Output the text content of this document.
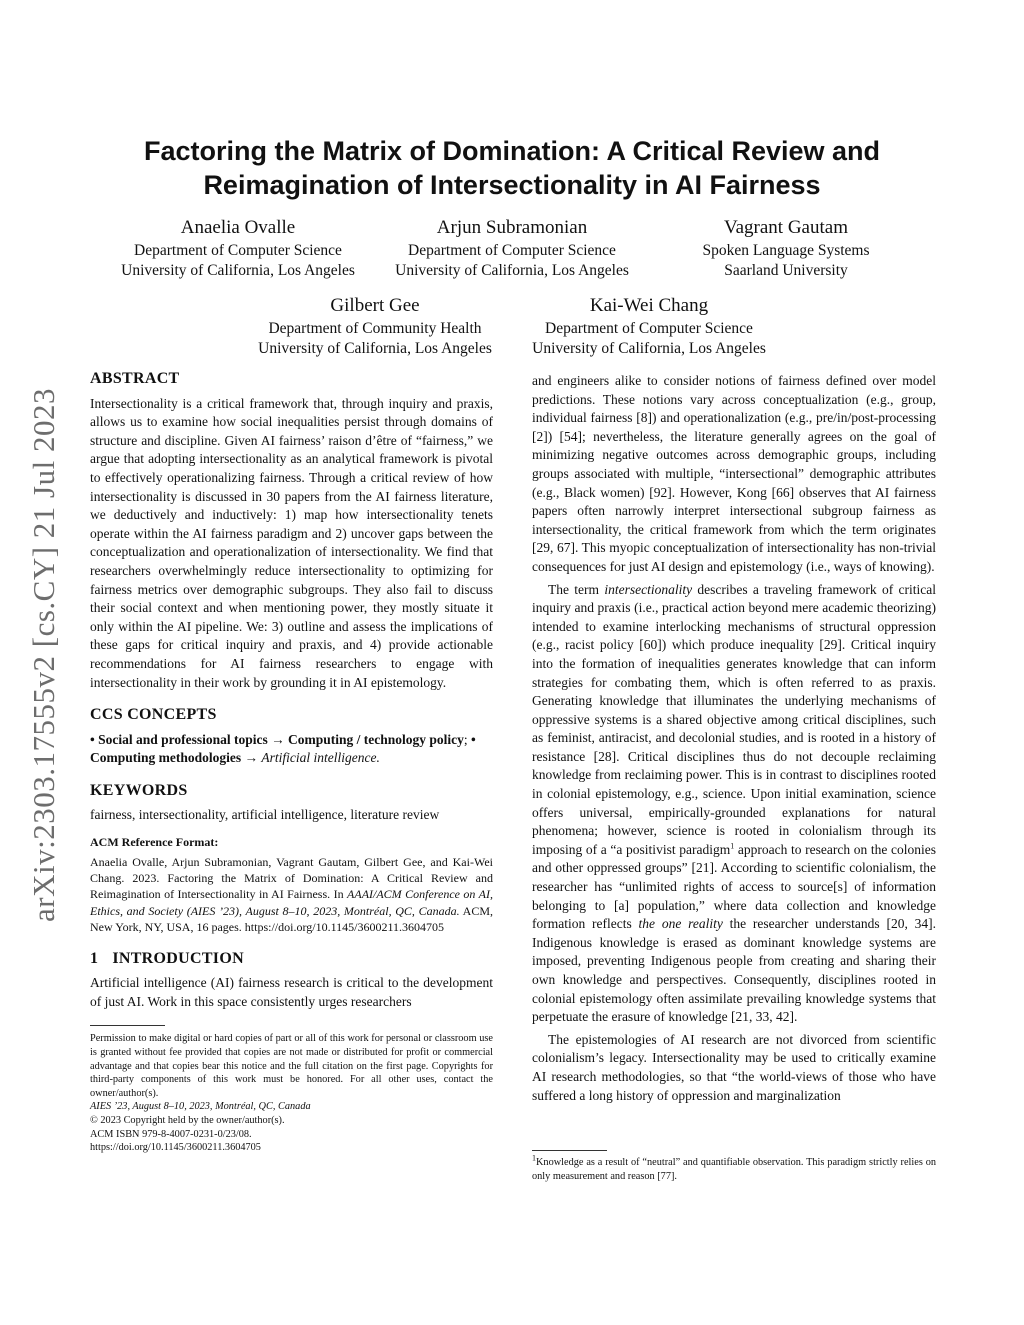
arXiv:2303.17555v2 [cs.CY] 21 Jul 2023
Factoring the Matrix of Domination: A Critical Review and
Reimagination of Intersectionality in AI Fairness
Anaelia Ovalle
Department of Computer Science
University of California, Los Angeles
Arjun Subramonian
Department of Computer Science
University of California, Los Angeles
Vagrant Gautam
Spoken Language Systems
Saarland University
Gilbert Gee
Department of Community Health
University of California, Los Angeles
Kai-Wei Chang
Department of Computer Science
University of California, Los Angeles
ABSTRACT

Intersectionality is a critical framework that, through inquiry and praxis, allows us to examine how social inequalities persist through domains of structure and discipline. Given AI fairness’ raison d’être of “fairness,” we argue that adopting intersectionality as an analytical framework is pivotal to effectively operationalizing fairness. Through a critical review of how intersectionality is discussed in 30 papers from the AI fairness literature, we deductively and inductively: 1) map how intersectionality tenets operate within the AI fairness paradigm and 2) uncover gaps between the conceptualization and operationalization of intersectionality. We find that researchers overwhelmingly reduce intersectionality to optimizing for fairness metrics over demographic subgroups. They also fail to discuss their social context and when mentioning power, they mostly situate it only within the AI pipeline. We: 3) outline and assess the implications of these gaps for critical inquiry and praxis, and 4) provide actionable recommendations for AI fairness researchers to engage with intersectionality in their work by grounding it in AI epistemology.

CCS CONCEPTS

• Social and professional topics → Computing / technology policy; • Computing methodologies → Artificial intelligence.

KEYWORDS

fairness, intersectionality, artificial intelligence, literature review

ACM Reference Format:
Anaelia Ovalle, Arjun Subramonian, Vagrant Gautam, Gilbert Gee, and Kai-Wei Chang. 2023. Factoring the Matrix of Domination: A Critical Review and Reimagination of Intersectionality in AI Fairness. In AAAI/ACM Conference on AI, Ethics, and Society (AIES ’23), August 8–10, 2023, Montréal, QC, Canada. ACM, New York, NY, USA, 16 pages. https://doi.org/10.1145/3600211.3604705
1 INTRODUCTION

Artificial intelligence (AI) fairness research is critical to the development of just AI. Work in this space consistently urges researchers

Permission to make digital or hard copies of part or all of this work for personal or classroom use is granted without fee provided that copies are not made or distributed for profit or commercial advantage and that copies bear this notice and the full citation on the first page. Copyrights for third-party components of this work must be honored. For all other uses, contact the owner/author(s).

AIES ’23, August 8–10, 2023, Montréal, QC, Canada
© 2023 Copyright held by the owner/author(s).
ACM ISBN 979-8-4007-0231-0/23/08.
https://doi.org/10.1145/3600211.3604705

and engineers alike to consider notions of fairness defined over model predictions. These notions vary across conceptualization (e.g., group, individual fairness [8]) and operationalization (e.g., pre/in/post-processing [2]) [54]; nevertheless, the literature generally agrees on the goal of minimizing negative outcomes across demographic groups, including groups associated with multiple, “intersectional” demographic attributes (e.g., Black women) [92]. However, Kong [66] observes that AI fairness papers often narrowly interpret intersectional subgroup fairness as intersectionality, the critical framework from which the term originates [29, 67]. This myopic conceptualization of intersectionality has non-trivial consequences for just AI design and epistemology (i.e., ways of knowing).

The term intersectionality describes a traveling framework of critical inquiry and praxis (i.e., practical action beyond mere academic theorizing) intended to examine interlocking mechanisms of structural oppression (e.g., racist policy [60]) which produce inequality [29]. Critical inquiry into the formation of inequalities generates knowledge that can inform strategies for combating them, which is often referred to as praxis. Generating knowledge that illuminates the underlying mechanisms of oppressive systems is a shared objective among critical disciplines, such as feminist, antiracist, and decolonial studies, and is rooted in a history of resistance [28]. Critical disciplines thus do not decouple reclaiming knowledge from reclaiming power. This is in contrast to disciplines rooted in colonial epistemology, e.g., science. Upon initial examination, science offers universal, empirically-grounded explanations for natural phenomena; however, science is rooted in colonialism through its imposing of a “a positivist paradigm$^1$ approach to research on the colonies and other oppressed groups” [21]. According to scientific colonialism, the researcher has “unlimited rights of access to source[s] of information belonging to [a] population,” where data collection and knowledge formation reflects the one reality the researcher understands [20, 34]. Indigenous knowledge is erased as dominant knowledge systems are imposed, preventing Indigenous people from creating and sharing their own knowledge and perspectives. Consequently, disciplines rooted in colonial epistemology often assimilate prevailing knowledge systems that perpetuate the erasure of knowledge [21, 33, 42].

The epistemologies of AI research are not divorced from scientific colonialism’s legacy. Intersectionality may be used to critically examine AI research methodologies, so that “the world-views of those who have suffered a long history of oppression and marginalization

$^1$Knowledge as a result of “neutral” and quantifiable observation. This paradigm strictly relies on only measurement and reason [77].
